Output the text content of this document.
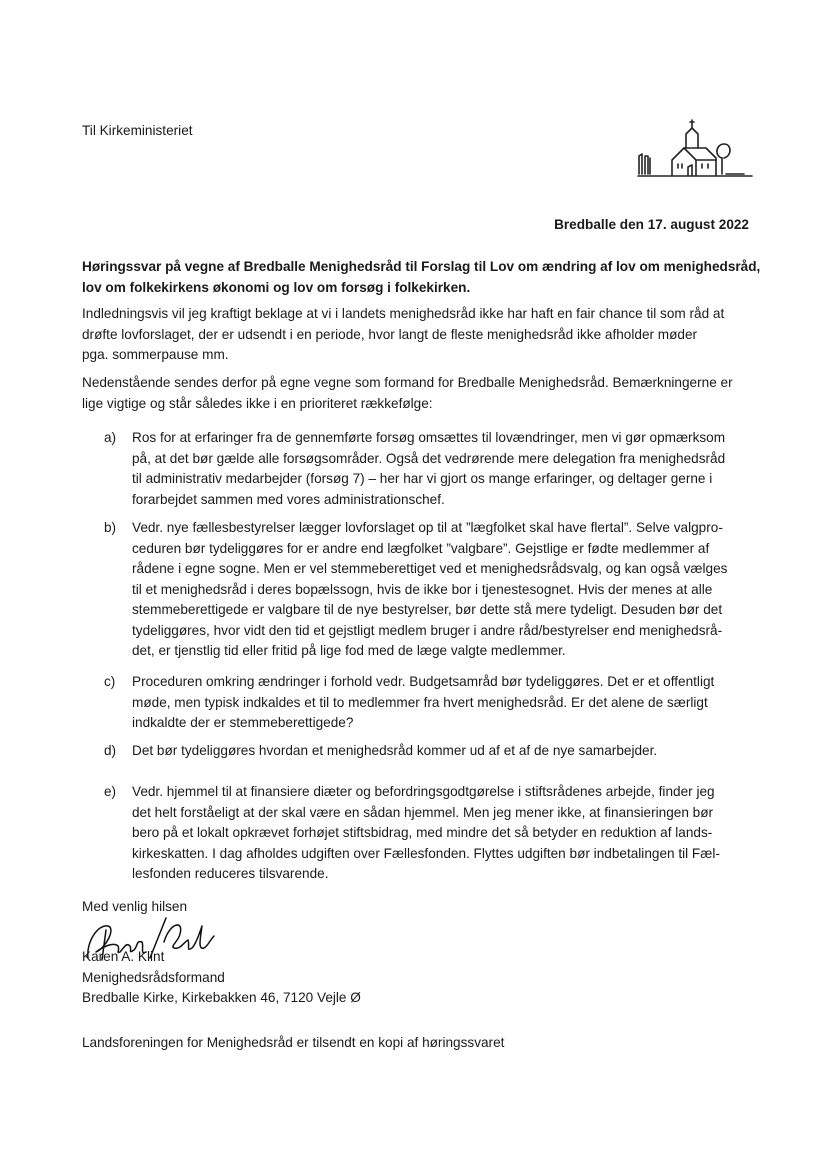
Til Kirkeministeriet
Bredballe den 17. august 2022
Høringssvar på vegne af Bredballe Menighedsråd til Forslag til Lov om ændring af lov om menighedsråd,
lov om folkekirkens økonomi og lov om forsøg i folkekirken.
Indledningsvis vil jeg kraftigt beklage at vi i landets menighedsråd ikke har haft en fair chance til som råd at
drøfte lovforslaget, der er udsendt i en periode, hvor langt de fleste menighedsråd ikke afholder møder
pga. sommerpause mm.
Nedenstående sendes derfor på egne vegne som formand for Bredballe Menighedsråd. Bemærkningerne er
lige vigtige og står således ikke i en prioriteret rækkefølge:
a) Ros for at erfaringer fra de gennemførte forsøg omsættes til lovændringer, men vi gør opmærksom
på, at det bør gælde alle forsøgsområder. Også det vedrørende mere delegation fra menighedsråd
til administrativ medarbejder (forsøg 7) – her har vi gjort os mange erfaringer, og deltager gerne i
forarbejdet sammen med vores administrationschef.
b) Vedr. nye fællesbestyrelser lægger lovforslaget op til at ”lægfolket skal have flertal”. Selve valgpro-
ceduren bør tydeliggøres for er andre end lægfolket ”valgbare”. Gejstlige er fødte medlemmer af
rådene i egne sogne. Men er vel stemmeberettiget ved et menighedsrådsvalg, og kan også vælges
til et menighedsråd i deres bopælssogn, hvis de ikke bor i tjenestesognet. Hvis der menes at alle
stemmeberettigede er valgbare til de nye bestyrelser, bør dette stå mere tydeligt. Desuden bør det
tydeliggøres, hvor vidt den tid et gejstligt medlem bruger i andre råd/bestyrelser end menighedsrå-
det, er tjenstlig tid eller fritid på lige fod med de læge valgte medlemmer.
c) Proceduren omkring ændringer i forhold vedr. Budgetsamråd bør tydeliggøres. Det er et offentligt
møde, men typisk indkaldes et til to medlemmer fra hvert menighedsråd. Er det alene de særligt
indkaldte der er stemmeberettigede?
d) Det bør tydeliggøres hvordan et menighedsråd kommer ud af et af de nye samarbejder.
e) Vedr. hjemmel til at finansiere diæter og befordringsgodtgørelse i stiftsrådenes arbejde, finder jeg
det helt forståeligt at der skal være en sådan hjemmel. Men jeg mener ikke, at finansieringen bør
bero på et lokalt opkrævet forhøjet stiftsbidrag, med mindre det så betyder en reduktion af lands-
kirkeskatten. I dag afholdes udgiften over Fællesfonden. Flyttes udgiften bør indbetalingen til Fæl-
lesfonden reduceres tilsvarende.
Med venlig hilsen
Karen A. Klint
Menighedsrådsformand
Bredballe Kirke, Kirkebakken 46, 7120 Vejle Ø
Landsforeningen for Menighedsråd er tilsendt en kopi af høringssvaret
